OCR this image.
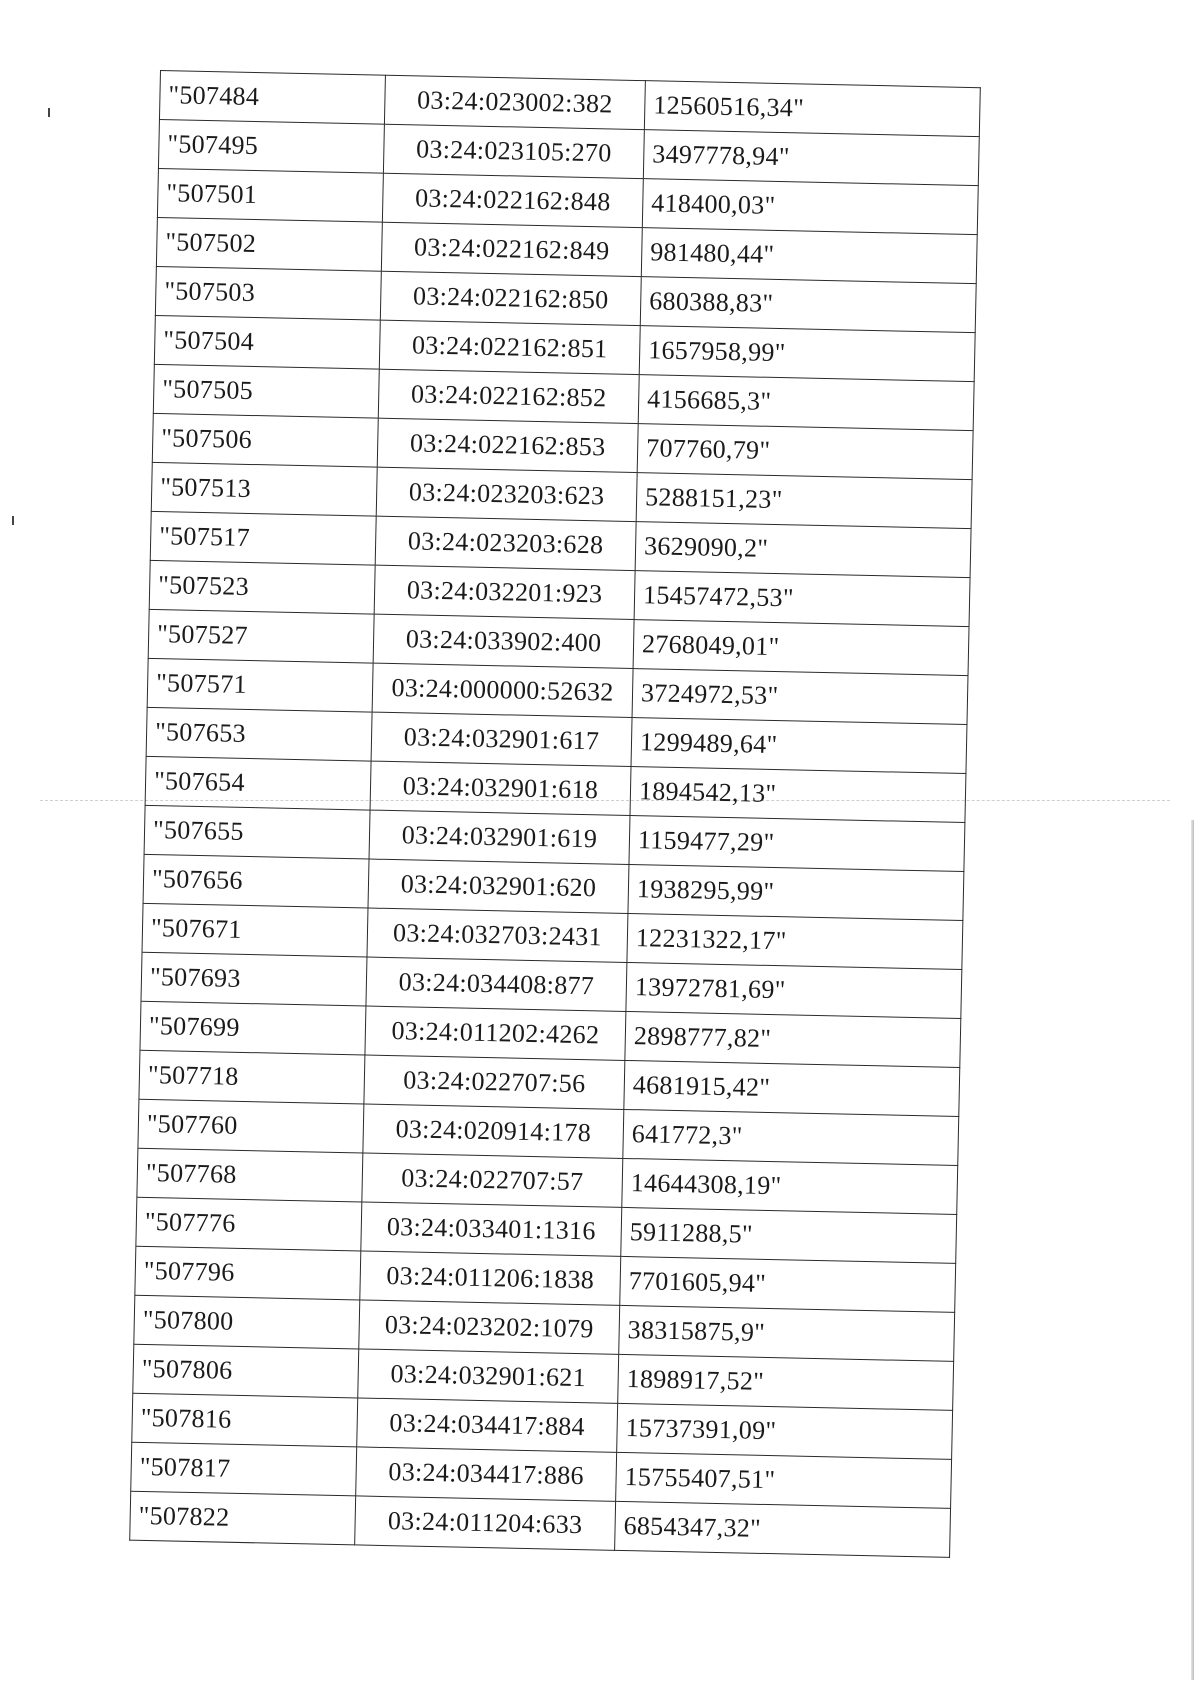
"507484	03:24:023002:382	12560516,34"
"507495	03:24:023105:270	3497778,94"
"507501	03:24:022162:848	418400,03"
"507502	03:24:022162:849	981480,44"
"507503	03:24:022162:850	680388,83"
"507504	03:24:022162:851	1657958,99"
"507505	03:24:022162:852	4156685,3"
"507506	03:24:022162:853	707760,79"
"507513	03:24:023203:623	5288151,23"
"507517	03:24:023203:628	3629090,2"
"507523	03:24:032201:923	15457472,53"
"507527	03:24:033902:400	2768049,01"
"507571	03:24:000000:52632	3724972,53"
"507653	03:24:032901:617	1299489,64"
"507654	03:24:032901:618	1894542,13"
"507655	03:24:032901:619	1159477,29"
"507656	03:24:032901:620	1938295,99"
"507671	03:24:032703:2431	12231322,17"
"507693	03:24:034408:877	13972781,69"
"507699	03:24:011202:4262	2898777,82"
"507718	03:24:022707:56	4681915,42"
"507760	03:24:020914:178	641772,3"
"507768	03:24:022707:57	14644308,19"
"507776	03:24:033401:1316	5911288,5"
"507796	03:24:011206:1838	7701605,94"
"507800	03:24:023202:1079	38315875,9"
"507806	03:24:032901:621	1898917,52"
"507816	03:24:034417:884	15737391,09"
"507817	03:24:034417:886	15755407,51"
"507822	03:24:011204:633	6854347,32"
